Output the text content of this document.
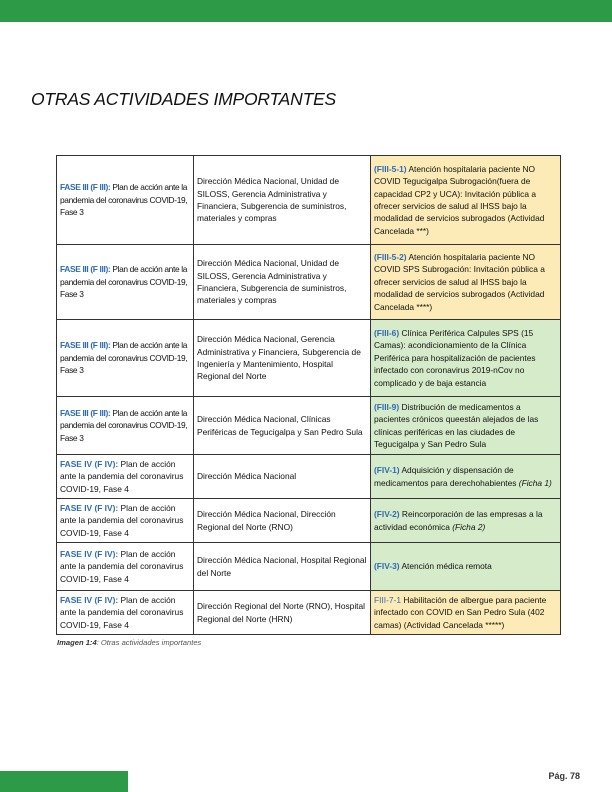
OTRAS ACTIVIDADES IMPORTANTES
FASE III (F III): Plan de acción ante la pandemia del coronavirus COVID-19, Fase 3	Dirección Médica Nacional, Unidad de SILOSS, Gerencia Administrativa y Financiera, Subgerencia de suministros, materiales y compras	(FIII-5-1) Atención hospitalaria paciente NO COVID Tegucigalpa Subrogación(fuera de capacidad CP2 y UCA): Invitación pública a ofrecer servicios de salud al IHSS bajo la modalidad de servicios subrogados (Actividad Cancelada ***)
FASE III (F III): Plan de acción ante la pandemia del coronavirus COVID-19, Fase 3	Dirección Médica Nacional, Unidad de SILOSS, Gerencia Administrativa y Financiera, Subgerencia de suministros, materiales y compras	(FIII-5-2) Atención hospitalaria paciente NO COVID SPS Subrogación: Invitación pública a ofrecer servicios de salud al IHSS bajo la modalidad de servicios subrogados (Actividad Cancelada ****)
FASE III (F III): Plan de acción ante la pandemia del coronavirus COVID-19, Fase 3	Dirección Médica Nacional, Gerencia Administrativa y Financiera, Subgerencia de Ingeniería y Mantenimiento, Hospital Regional del Norte	(FIII-6) Clínica Periférica Calpules SPS (15 Camas): acondicionamiento de la Clínica Periférica para hospitalización de pacientes infectado con coronavirus 2019-nCov no complicado y de baja estancia
FASE III (F III): Plan de acción ante la pandemia del coronavirus COVID-19, Fase 3	Dirección Médica Nacional, Clínicas Periféricas de Tegucigalpa y San Pedro Sula	(FIII-9) Distribución de medicamentos a pacientes crónicos queestán alejados de las clínicas periféricas en las ciudades de Tegucigalpa y San Pedro Sula
FASE IV (F IV): Plan de acción ante la pandemia del coronavirus COVID-19, Fase 4	Dirección Médica Nacional	(FIV-1) Adquisición y dispensación de medicamentos para derechohabientes (Ficha 1)
FASE IV (F IV): Plan de acción ante la pandemia del coronavirus COVID-19, Fase 4	Dirección Médica Nacional, Dirección Regional del Norte (RNO)	(FIV-2) Reincorporación de las empresas a la actividad económica (Ficha 2)
FASE IV (F IV): Plan de acción ante la pandemia del coronavirus COVID-19, Fase 4	Dirección Médica Nacional, Hospital Regional del Norte	(FIV-3) Atención médica remota
FASE IV (F IV): Plan de acción ante la pandemia del coronavirus COVID-19, Fase 4	Dirección Regional del Norte (RNO), Hospital Regional del Norte (HRN)	FIII-7-1 Habilitación de albergue para paciente infectado con COVID en San Pedro Sula (402 camas) (Actividad Cancelada *****)
Imagen 1:4: Otras actividades importantes
Pág. 78
